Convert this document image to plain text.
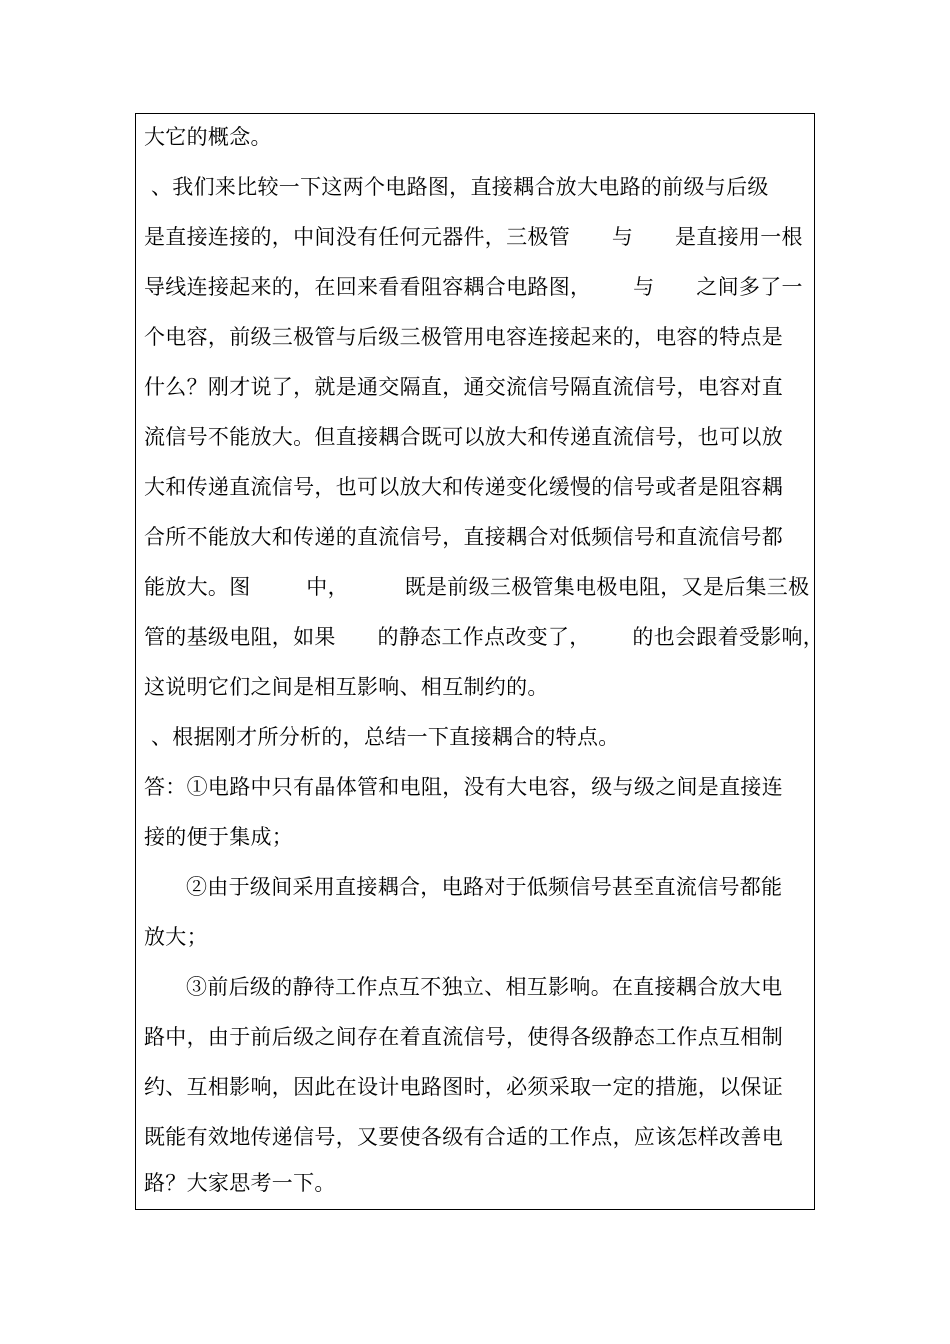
大它的概念。
、我们来比较一下这两个电路图，直接耦合放大电路的前级与后级
是直接连接的，中间没有任何元器件，三极管      与      是直接用一根
导线连接起来的，在回来看看阻容耦合电路图，      与      之间多了一
个电容，前级三极管与后级三极管用电容连接起来的，电容的特点是
什么？刚才说了，就是通交隔直，通交流信号隔直流信号，电容对直
流信号不能放大。但直接耦合既可以放大和传递直流信号，也可以放
大和传递直流信号，也可以放大和传递变化缓慢的信号或者是阻容耦
合所不能放大和传递的直流信号，直接耦合对低频信号和直流信号都
能放大。图        中，        既是前级三极管集电极电阻，又是后集三极
管的基级电阻，如果      的静态工作点改变了，      的也会跟着受影响，
这说明它们之间是相互影响、相互制约的。
、根据刚才所分析的，总结一下直接耦合的特点。
答：①电路中只有晶体管和电阻，没有大电容，级与级之间是直接连
接的便于集成；
②由于级间采用直接耦合，电路对于低频信号甚至直流信号都能
放大；
③前后级的静待工作点互不独立、相互影响。在直接耦合放大电
路中，由于前后级之间存在着直流信号，使得各级静态工作点互相制
约、互相影响，因此在设计电路图时，必须采取一定的措施，以保证
既能有效地传递信号，又要使各级有合适的工作点，应该怎样改善电
路？大家思考一下。
